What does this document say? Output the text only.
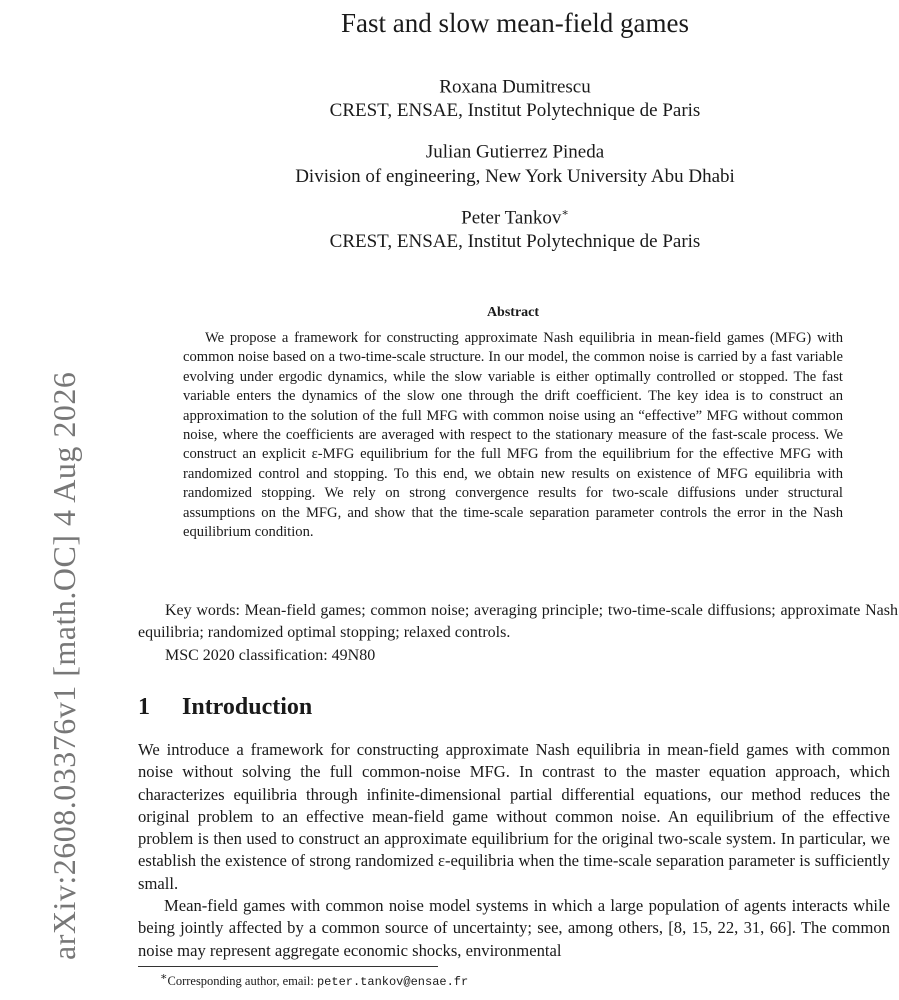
arXiv:2608.03376v1 [math.OC] 4 Aug 2026
Fast and slow mean-field games
Roxana Dumitrescu
CREST, ENSAE, Institut Polytechnique de Paris
Julian Gutierrez Pineda
Division of engineering, New York University Abu Dhabi
Peter Tankov∗
CREST, ENSAE, Institut Polytechnique de Paris
Abstract

We propose a framework for constructing approximate Nash equilibria in mean-field games (MFG) with common noise based on a two-time-scale structure. In our model, the common noise is carried by a fast variable evolving under ergodic dynamics, while the slow variable is either optimally controlled or stopped. The fast variable enters the dynamics of the slow one through the drift coefficient. The key idea is to construct an approximation to the solution of the full MFG with common noise using an “effective” MFG without common noise, where the coefficients are averaged with respect to the stationary measure of the fast-scale process. We construct an explicit ε-MFG equilibrium for the full MFG from the equilibrium for the effective MFG with randomized control and stopping. To this end, we obtain new results on existence of MFG equilibria with randomized stopping. We rely on strong convergence results for two-scale diffusions under structural assumptions on the MFG, and show that the time-scale separation parameter controls the error in the Nash equilibrium condition.

Key words: Mean-field games; common noise; averaging principle; two-time-scale diffusions; approximate Nash equilibria; randomized optimal stopping; relaxed controls.

MSC 2020 classification: 49N80
1 Introduction

We introduce a framework for constructing approximate Nash equilibria in mean-field games with common noise without solving the full common-noise MFG. In contrast to the master equation approach, which characterizes equilibria through infinite-dimensional partial differential equations, our method reduces the original problem to an effective mean-field game without common noise. An equilibrium of the effective problem is then used to construct an approximate equilibrium for the original two-scale system. In particular, we establish the existence of strong randomized ε-equilibria when the time-scale separation parameter is sufficiently small.

Mean-field games with common noise model systems in which a large population of agents interacts while being jointly affected by a common source of uncertainty; see, among others, [8, 15, 22, 31, 66]. The common noise may represent aggregate economic shocks, environmental

∗Corresponding author, email: peter.tankov@ensae.fr
